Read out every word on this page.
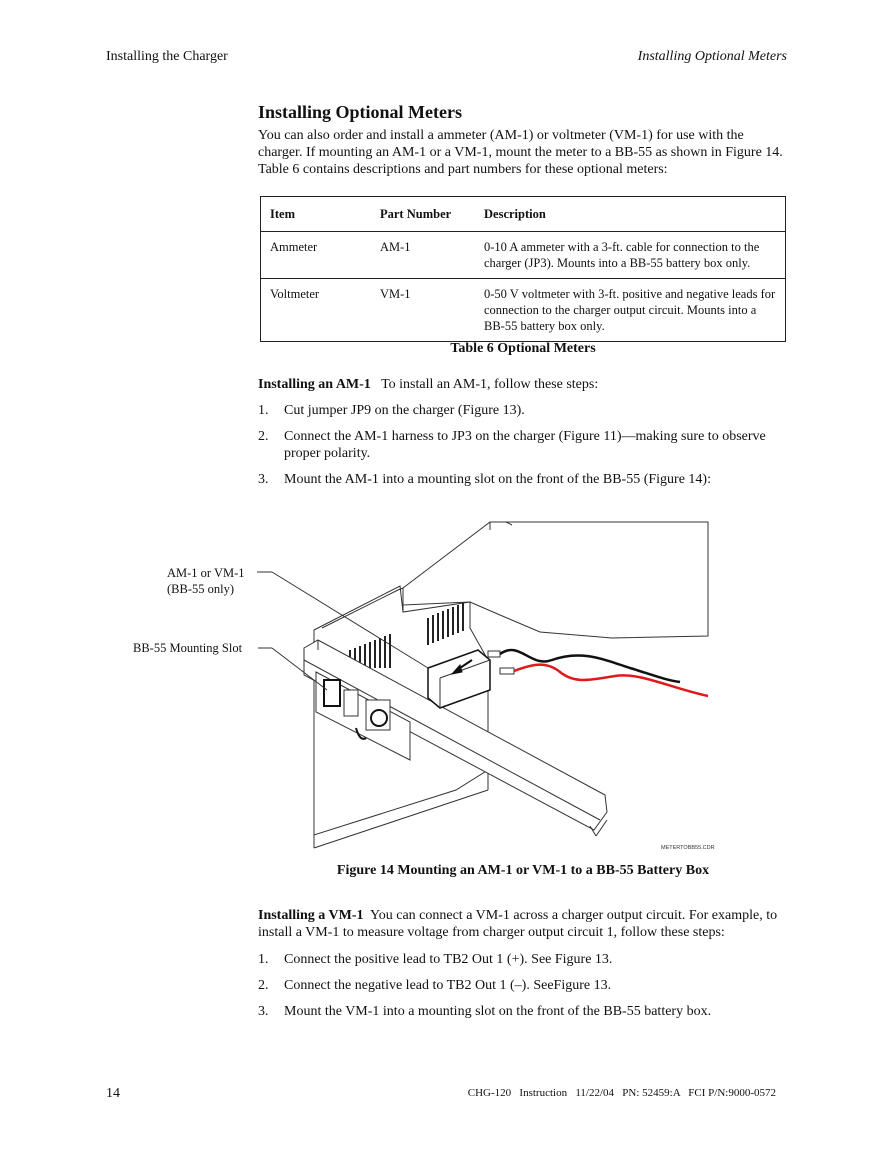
Installing the Charger	Installing Optional Meters
Installing Optional Meters

You can also order and install a ammeter (AM-1) or voltmeter (VM-1) for use with the charger. If mounting an AM-1 or a VM-1, mount the meter to a BB-55 as shown in Figure 14. Table 6 contains descriptions and part numbers for these optional meters:

Item	Part Number	Description
Ammeter	AM-1	0-10 A ammeter with a 3-ft. cable for connection to the charger (JP3). Mounts into a BB-55 battery box only.
Voltmeter	VM-1	0-50 V voltmeter with 3-ft. positive and negative leads for connection to the charger output circuit. Mounts into a BB-55 battery box only.
Table 6 Optional Meters

Installing an AM-1 To install an AM-1, follow these steps:

1. Cut jumper JP9 on the charger (Figure 13).
2. Connect the AM-1 harness to JP3 on the charger (Figure 11)—making sure to observe proper polarity.
3. Mount the AM-1 into a mounting slot on the front of the BB-55 (Figure 14):
AM-1 or VM-1
(BB-55 only)
BB-55 Mounting Slot
METERTOBB55.CDR
Figure 14 Mounting an AM-1 or VM-1 to a BB-55 Battery Box

Installing a VM-1 You can connect a VM-1 across a charger output circuit. For example, to install a VM-1 to measure voltage from charger output circuit 1, follow these steps:

1. Connect the positive lead to TB2 Out 1 (+). See Figure 13.
2. Connect the negative lead to TB2 Out 1 (–). SeeFigure 13.
3. Mount the VM-1 into a mounting slot on the front of the BB-55 battery box.
14	CHG-120   Instruction   11/22/04   PN: 52459:A   FCI P/N:9000-0572
